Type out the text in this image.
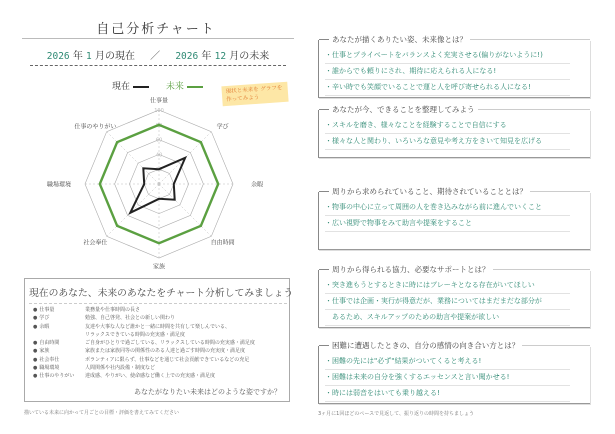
自己分析チャート
2026 年 1 月の現在 ／ 2026 年 12 月の未来
現在	未来	現状と未来を グラフを作ってみよう
0
20
40
60
80
100
仕事量
学び
余暇
自由時間
家族
社会奉仕
職場環境
仕事のやりがい
現在のあなた、未来のあなたをチャート分析してみましょう
● 仕事量	業務量や仕事時間の長さ
● 学び	勉強、自己啓発、社会との新しい関わり
● 余暇	友達や大事な人など誰かと一緒に時間を共有して楽しんでいる、
リラックスできている時間の充実感・満足度
● 自由時間	ご自身がひとりで過ごしている、リラックスしている時間の充実感・満足度
● 家族	家族または家族同等の関係性のある人達と過ごす時間の充実度・満足度
● 社会奉仕	ボランティアに限らず、仕事などを通じて社会貢献できているなどの充足
● 職場環境	人間関係や社内設備・制度など
● 仕事のやりがい	達成感、やりがい、使命感など働く上での充実感・満足度
あなたがなりたい未来はどのような姿ですか？
描いている未来に向かって月ごとの目標・評価を書えてみてください
あなたが描くありたい姿、未来像とは？
・仕事とプライベートをバランスよく充実させる(偏りがないように!)
・誰からでも頼りにされ、期待に応えられる人になる!
・辛い時でも笑顔でいることで運と人を呼び寄せられる人になる!
あなたが今、できることを整理してみよう
・スキルを磨き、様々なことを経験することで自信にする
・様々な人と関わり、いろいろな意見や考え方をきいて知見を広げる
周りから求められていること、期待されていることとは？
・物事の中心に立って周囲の人を巻き込みながら前に進んでいくこと
・広い視野で物事をみて助言や提案をすること
周りから得られる協力、必要なサポートとは？
・突き進もうとするときに時にはブレーキとなる存在がいてほしい
・仕事では企画・実行が得意だが、業務についてはまだまだな部分が
　あるため、スキルアップのための助言や提案が欲しい
困難に遭遇したときの、自分の感情の向き合い方とは？
・困難の先には"必ず"結果がついてくると考える!
・困難は未来の自分を強くするエッセンスと言い聞かせる!
・時には弱音をはいても乗り越える!
3ヶ月に1回ほどのペースで見返して、振り返りの時間を持ちましょう
